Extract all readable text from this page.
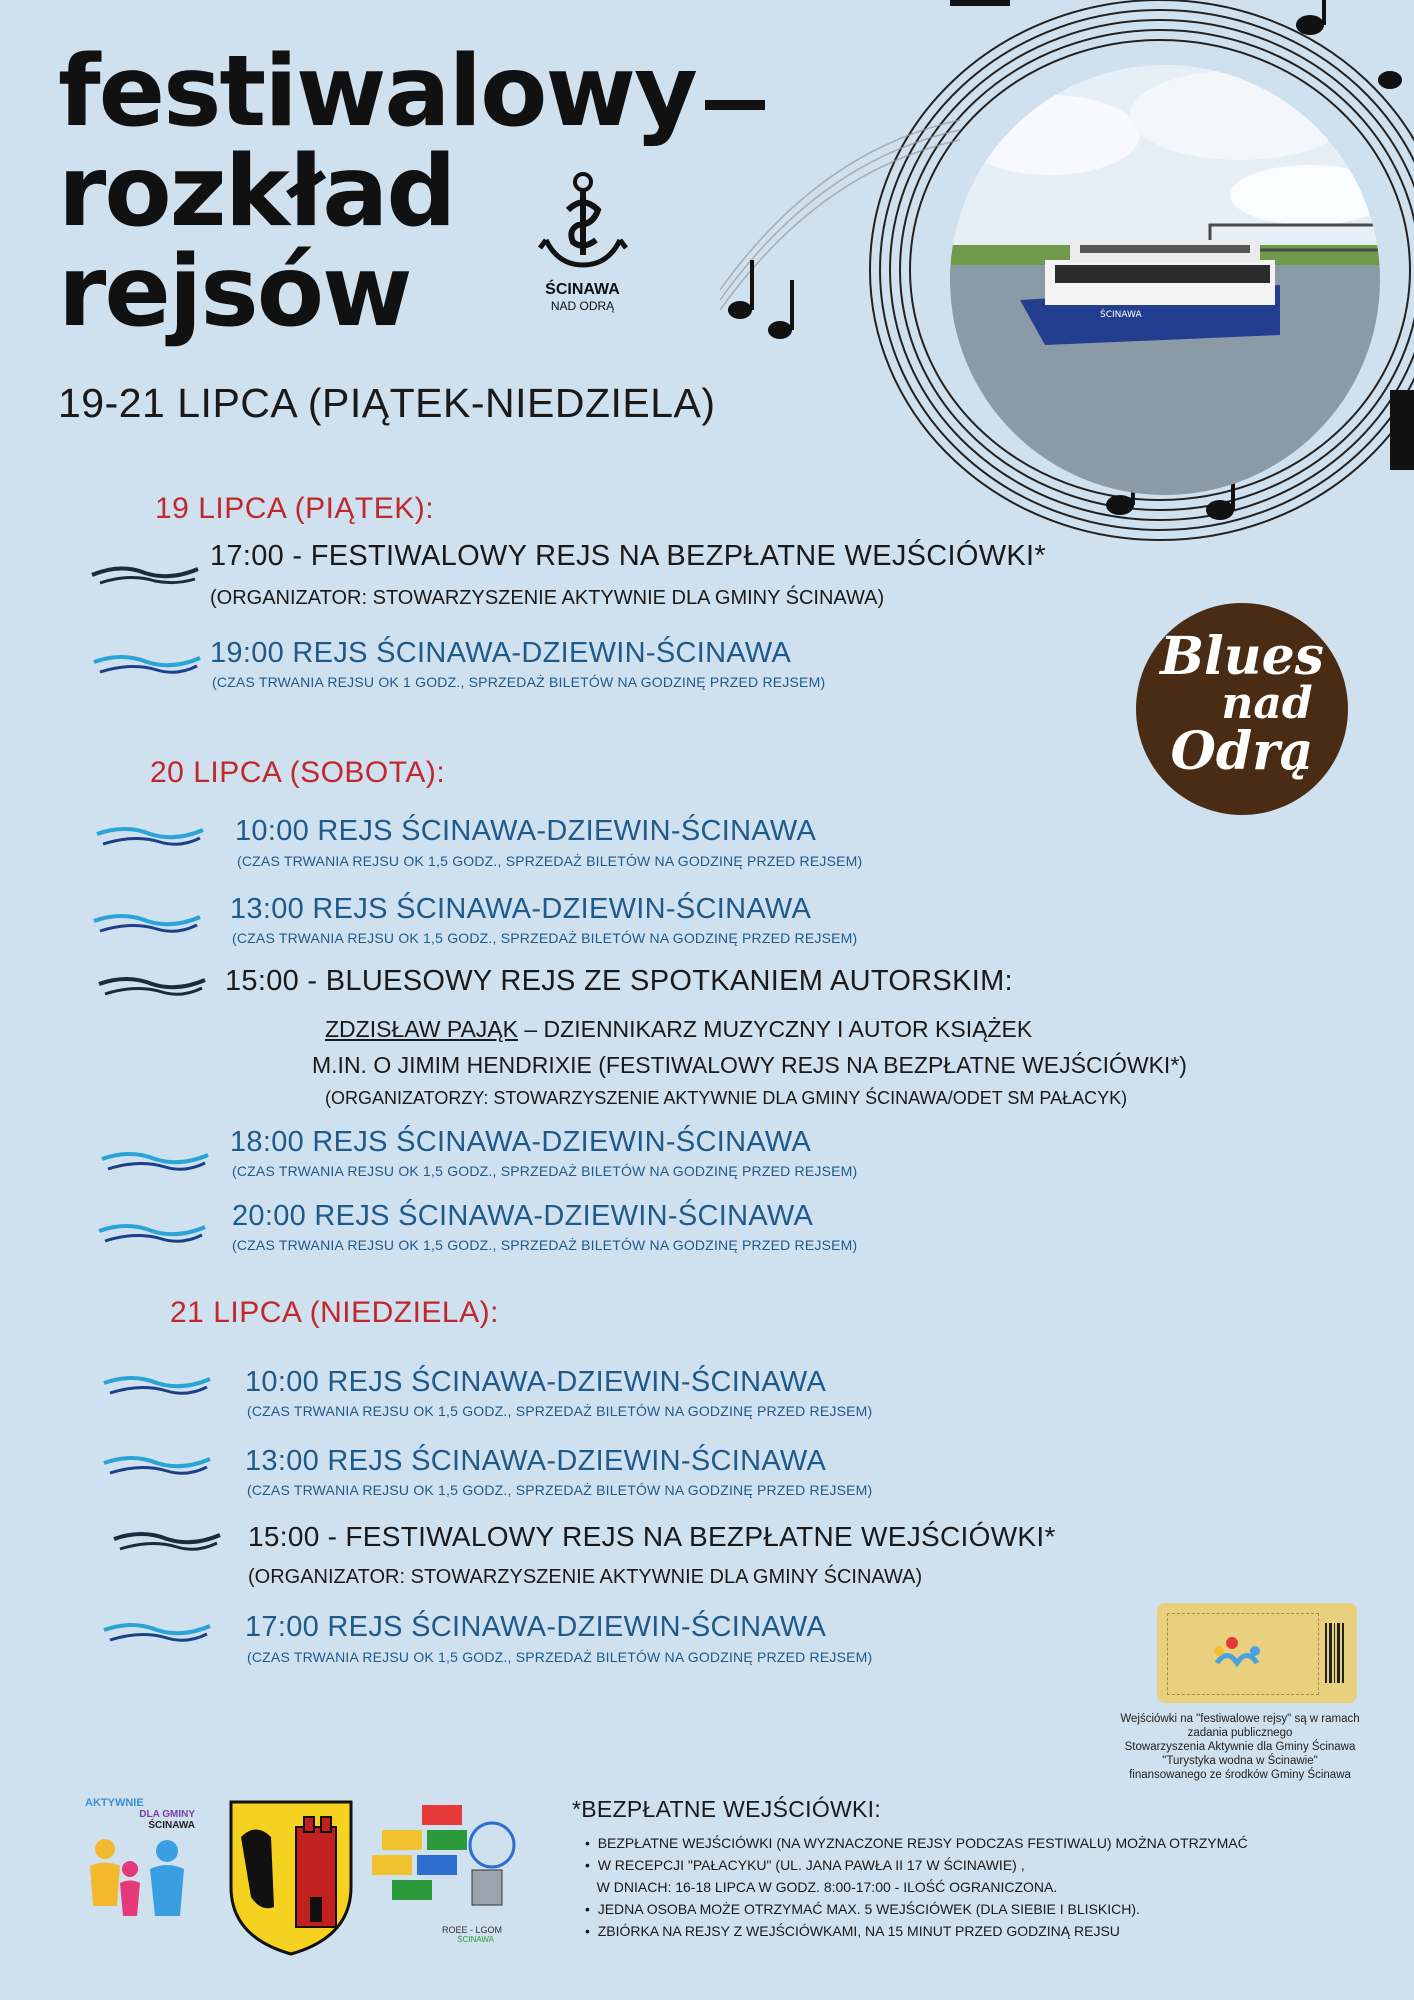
ŚCINAWA
festiwalowy
rozkład
rejsów	ŚCINAWA
NAD ODRĄ
19-21 LIPCA (PIĄTEK-NIEDZIELA)
Blues
nad
Odrą
19 LIPCA (PIĄTEK):
17:00 - FESTIWALOWY REJS NA BEZPŁATNE WEJŚCIÓWKI*
(ORGANIZATOR: STOWARZYSZENIE AKTYWNIE DLA GMINY ŚCINAWA)
19:00 REJS ŚCINAWA-DZIEWIN-ŚCINAWA
(CZAS TRWANIA REJSU OK 1 GODZ., SPRZEDAŻ BILETÓW NA GODZINĘ PRZED REJSEM)
20 LIPCA (SOBOTA):
10:00 REJS ŚCINAWA-DZIEWIN-ŚCINAWA
(CZAS TRWANIA REJSU OK 1,5 GODZ., SPRZEDAŻ BILETÓW NA GODZINĘ PRZED REJSEM)
13:00 REJS ŚCINAWA-DZIEWIN-ŚCINAWA
(CZAS TRWANIA REJSU OK 1,5 GODZ., SPRZEDAŻ BILETÓW NA GODZINĘ PRZED REJSEM)
15:00 - BLUESOWY REJS ZE SPOTKANIEM AUTORSKIM:
ZDZISŁAW PAJĄK – DZIENNIKARZ MUZYCZNY I AUTOR KSIĄŻEK
M.IN. O JIMIM HENDRIXIE (FESTIWALOWY REJS NA BEZPŁATNE WEJŚCIÓWKI*)
(ORGANIZATORZY: STOWARZYSZENIE AKTYWNIE DLA GMINY ŚCINAWA/ODET SM PAŁACYK)
18:00 REJS ŚCINAWA-DZIEWIN-ŚCINAWA
(CZAS TRWANIA REJSU OK 1,5 GODZ., SPRZEDAŻ BILETÓW NA GODZINĘ PRZED REJSEM)
20:00 REJS ŚCINAWA-DZIEWIN-ŚCINAWA
(CZAS TRWANIA REJSU OK 1,5 GODZ., SPRZEDAŻ BILETÓW NA GODZINĘ PRZED REJSEM)
21 LIPCA (NIEDZIELA):
10:00 REJS ŚCINAWA-DZIEWIN-ŚCINAWA
(CZAS TRWANIA REJSU OK 1,5 GODZ., SPRZEDAŻ BILETÓW NA GODZINĘ PRZED REJSEM)
13:00 REJS ŚCINAWA-DZIEWIN-ŚCINAWA
(CZAS TRWANIA REJSU OK 1,5 GODZ., SPRZEDAŻ BILETÓW NA GODZINĘ PRZED REJSEM)
15:00 - FESTIWALOWY REJS NA BEZPŁATNE WEJŚCIÓWKI*
(ORGANIZATOR: STOWARZYSZENIE AKTYWNIE DLA GMINY ŚCINAWA)
17:00 REJS ŚCINAWA-DZIEWIN-ŚCINAWA
(CZAS TRWANIA REJSU OK 1,5 GODZ., SPRZEDAŻ BILETÓW NA GODZINĘ PRZED REJSEM)
Wejściówki na "festiwalowe rejsy" są w ramach
zadania publicznego
Stowarzyszenia Aktywnie dla Gminy Ścinawa
"Turystyka wodna w Ścinawie"
finansowanego ze środków Gminy Ścinawa
AKTYWNIE
DLA GMINY
ŚCINAWA
ROEE - LGOM
ŚCINAWA
*BEZPŁATNE WEJŚCIÓWKI:
•  BEZPŁATNE WEJŚCIÓWKI (NA WYZNACZONE REJSY PODCZAS FESTIWALU) MOŻNA OTRZYMAĆ
•  W RECEPCJI "PAŁACYKU" (UL. JANA PAWŁA II 17 W ŚCINAWIE) ,
W DNIACH: 16-18 LIPCA W GODZ. 8:00-17:00 - ILOŚĆ OGRANICZONA.
•  JEDNA OSOBA MOŻE OTRZYMAĆ MAX. 5 WEJŚCIÓWEK (DLA SIEBIE I BLISKICH).
•  ZBIÓRKA NA REJSY Z WEJŚCIÓWKAMI, NA 15 MINUT PRZED GODZINĄ REJSU
